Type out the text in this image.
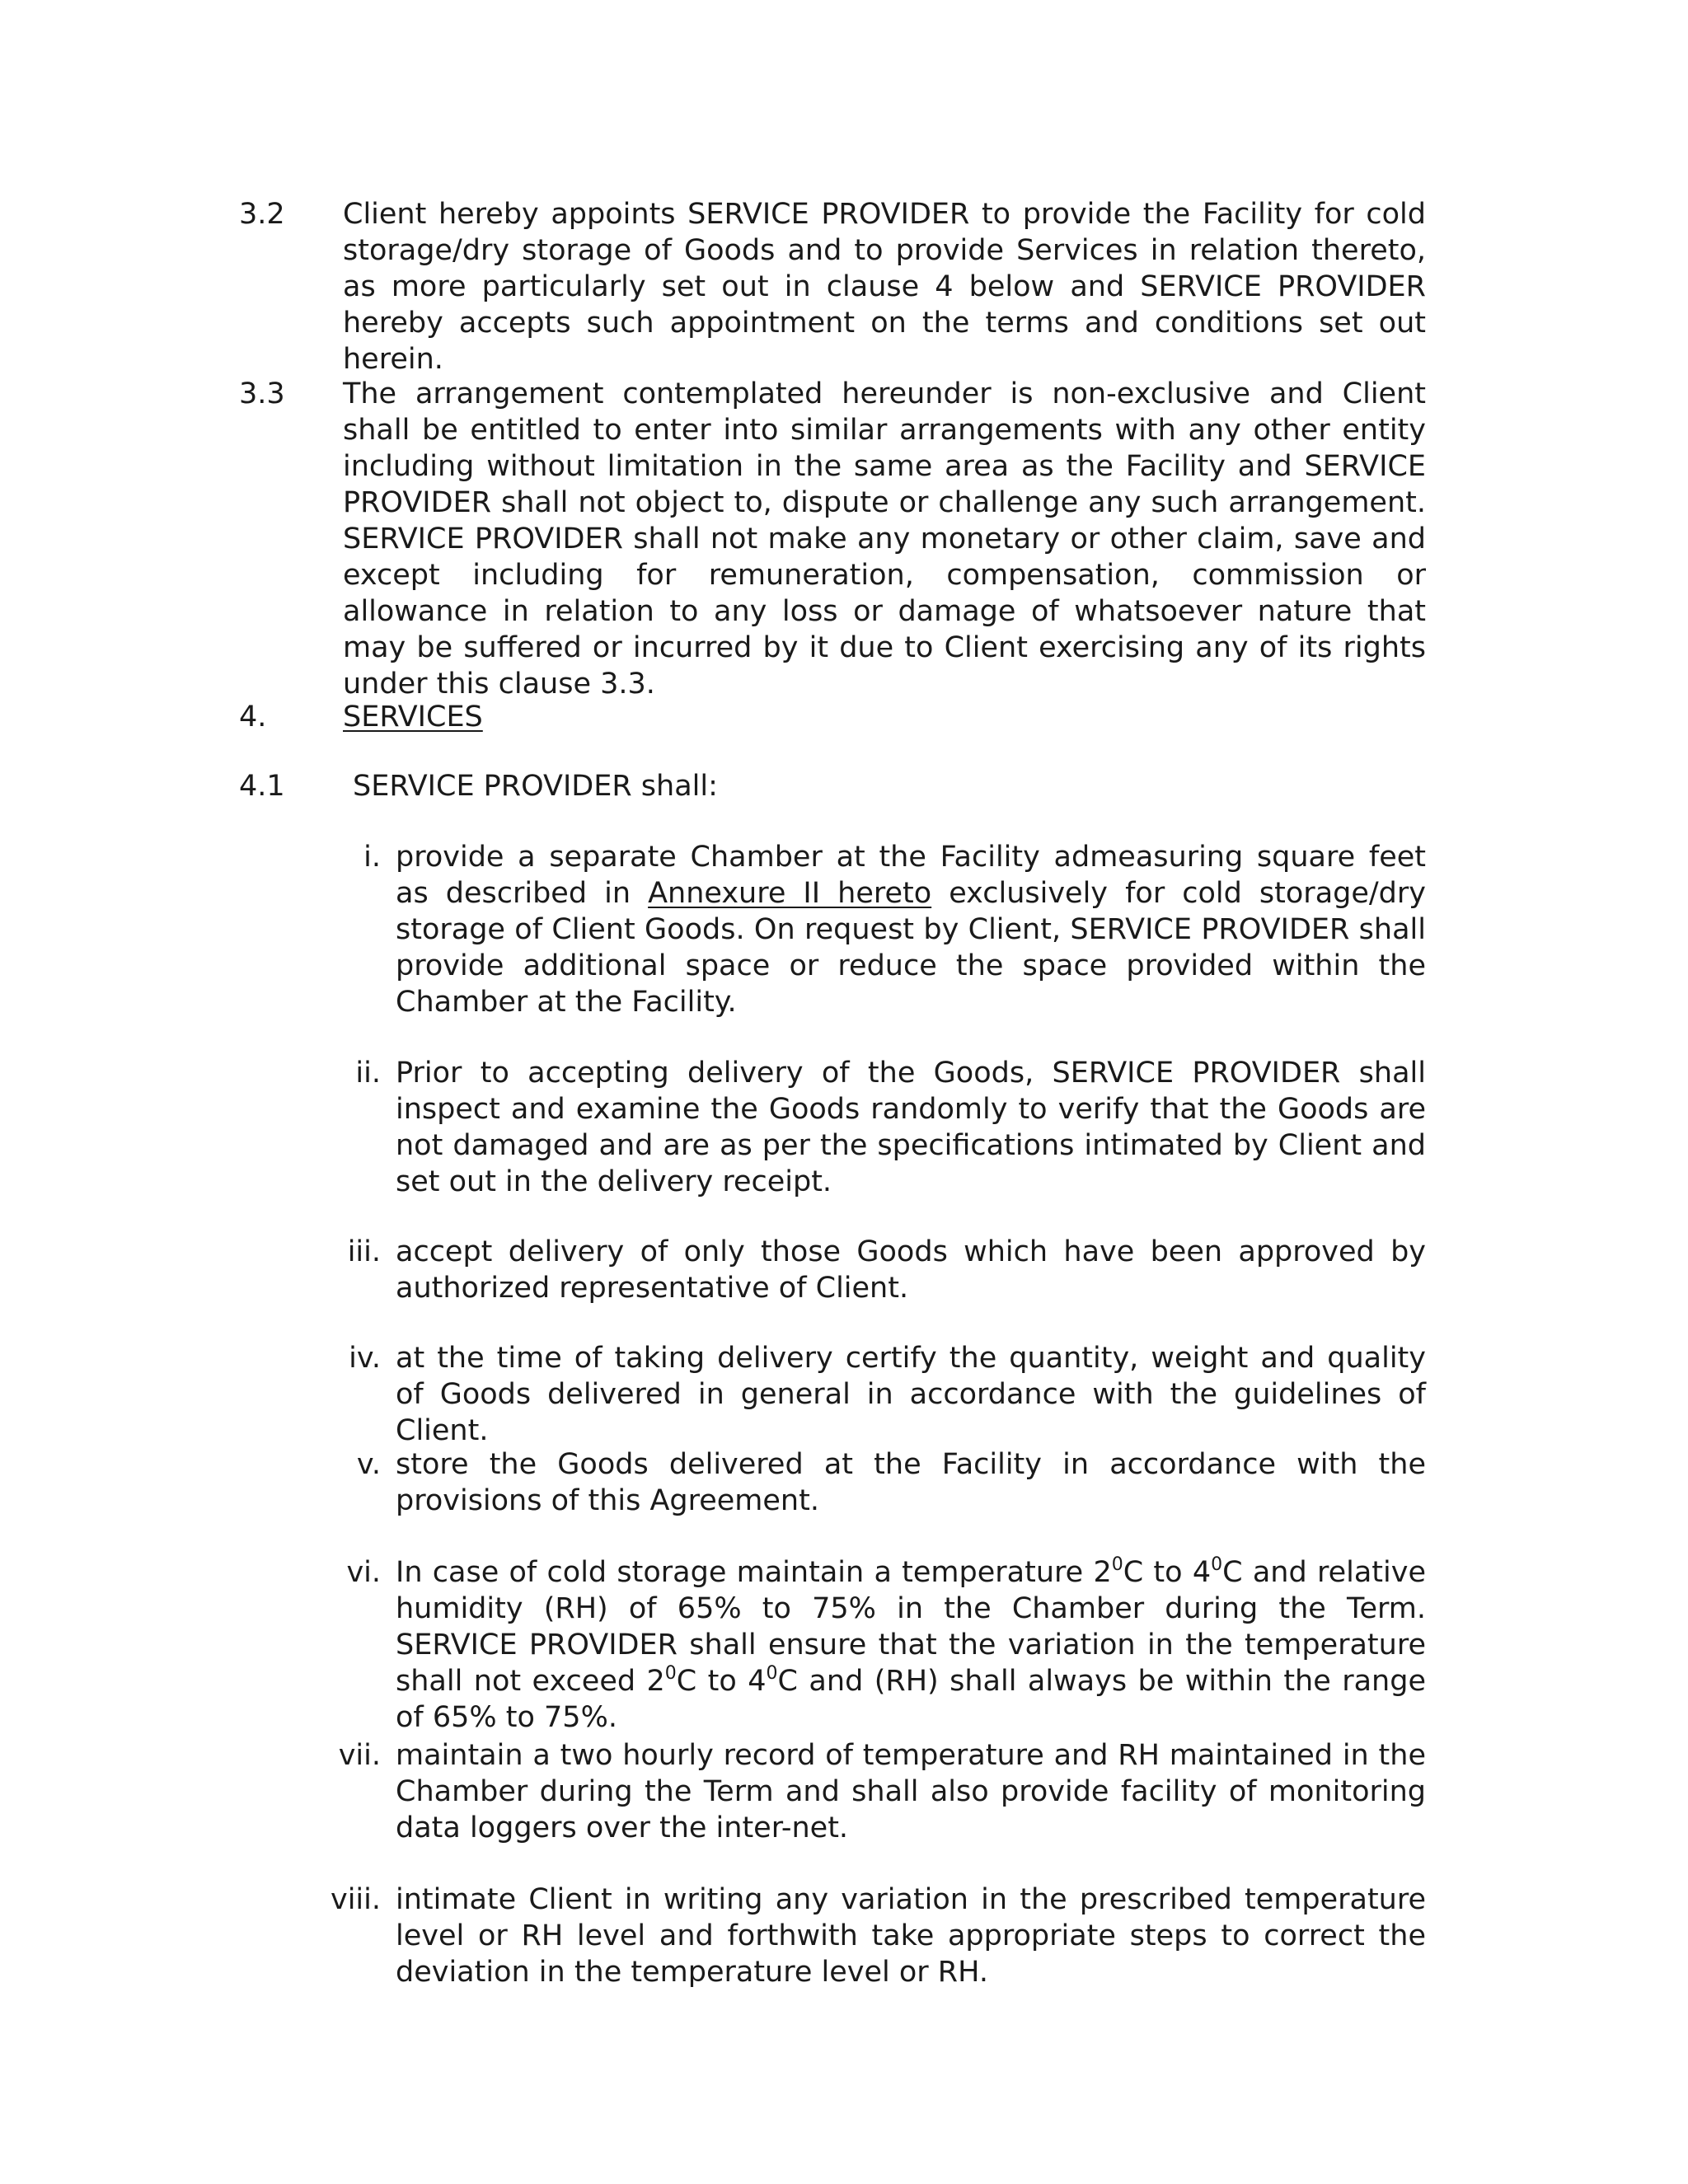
3.2	Client hereby appoints SERVICE PROVIDER to provide the Facility for cold storage/dry storage of Goods and to provide Services in relation thereto, as more particularly set out in clause 4 below and SERVICE PROVIDER hereby accepts such appointment on the terms and conditions set out herein.
3.3	The arrangement contemplated hereunder is non-exclusive and Client shall be entitled to enter into similar arrangements with any other entity including without limitation in the same area as the Facility and SERVICE PROVIDER shall not object to, dispute or challenge any such arrangement. SERVICE PROVIDER shall not make any monetary or other claim, save and except including for remuneration, compensation, commission or allowance in relation to any loss or damage of whatsoever nature that may be suffered or incurred by it due to Client exercising any of its rights under this clause 3.3.
4.	SERVICES
4.1	SERVICE PROVIDER shall:
i. provide a separate Chamber at the Facility admeasuring square feet as described in Annexure II hereto exclusively for cold storage/dry storage of Client Goods. On request by Client, SERVICE PROVIDER shall provide additional space or reduce the space provided within the Chamber at the Facility.
ii. Prior to accepting delivery of the Goods, SERVICE PROVIDER shall inspect and examine the Goods randomly to verify that the Goods are not damaged and are as per the specifications intimated by Client and set out in the delivery receipt.
iii. accept delivery of only those Goods which have been approved by authorized representative of Client.
iv. at the time of taking delivery certify the quantity, weight and quality of Goods delivered in general in accordance with the guidelines of Client.
v. store the Goods delivered at the Facility in accordance with the provisions of this Agreement.
vi. In case of cold storage maintain a temperature $2^0C$ to $4^0C$ and relative humidity (RH) of 65% to 75% in the Chamber during the Term. SERVICE PROVIDER shall ensure that the variation in the temperature shall not exceed $2^0C$ to $4^0C$ and (RH) shall always be within the range of 65% to 75%.
vii. maintain a two hourly record of temperature and RH maintained in the Chamber during the Term and shall also provide facility of monitoring data loggers over the inter-net.
viii. intimate Client in writing any variation in the prescribed temperature level or RH level and forthwith take appropriate steps to correct the deviation in the temperature level or RH.
